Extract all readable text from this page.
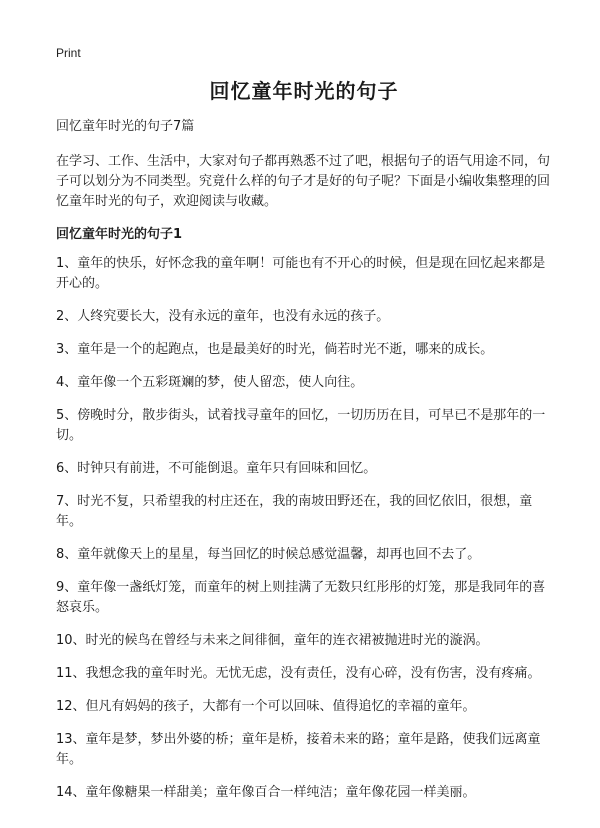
Print
回忆童年时光的句子

回忆童年时光的句子7篇

在学习、工作、生活中，大家对句子都再熟悉不过了吧，根据句子的语气用途不同，句子可以划分为不同类型。究竟什么样的句子才是好的句子呢？下面是小编收集整理的回忆童年时光的句子，欢迎阅读与收藏。

回忆童年时光的句子1
1、童年的快乐，好怀念我的童年啊！可能也有不开心的时候，但是现在回忆起来都是开心的。
2、人终究要长大，没有永远的童年，也没有永远的孩子。
3、童年是一个的起跑点，也是最美好的时光，倘若时光不逝，哪来的成长。
4、童年像一个五彩斑斓的梦，使人留恋，使人向往。
5、傍晚时分，散步街头，试着找寻童年的回忆，一切历历在目，可早已不是那年的一切。
6、时钟只有前进，不可能倒退。童年只有回味和回忆。
7、时光不复，只希望我的村庄还在，我的南坡田野还在，我的回忆依旧，很想，童年。
8、童年就像天上的星星，每当回忆的时候总感觉温馨，却再也回不去了。
9、童年像一盏纸灯笼，而童年的树上则挂满了无数只红彤彤的灯笼，那是我同年的喜怒哀乐。
10、时光的候鸟在曾经与未来之间徘徊，童年的连衣裙被抛进时光的漩涡。
11、我想念我的童年时光。无忧无虑，没有责任，没有心碎，没有伤害，没有疼痛。
12、但凡有妈妈的孩子，大都有一个可以回味、值得追忆的幸福的童年。
13、童年是梦，梦出外婆的桥；童年是桥，接着未来的路；童年是路，使我们远离童年。
14、童年像糖果一样甜美；童年像百合一样纯洁；童年像花园一样美丽。
